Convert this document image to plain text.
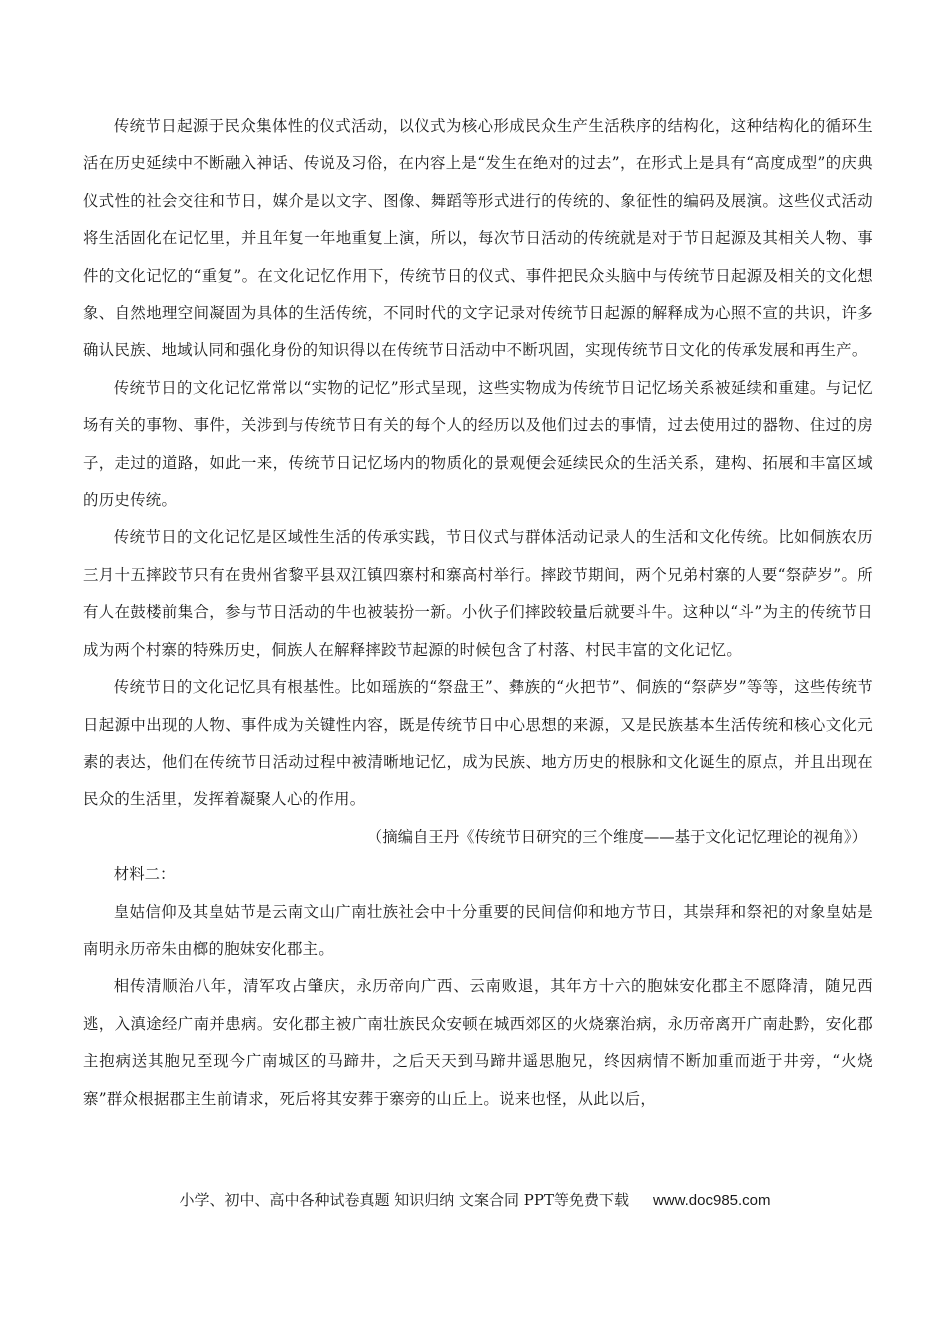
传统节日起源于民众集体性的仪式活动，以仪式为核心形成民众生产生活秩序的结构化，这种结构化的循环生活在历史延续中不断融入神话、传说及习俗，在内容上是“发生在绝对的过去”，在形式上是具有“高度成型”的庆典仪式性的社会交往和节日，媒介是以文字、图像、舞蹈等形式进行的传统的、象征性的编码及展演。这些仪式活动将生活固化在记忆里，并且年复一年地重复上演，所以，每次节日活动的传统就是对于节日起源及其相关人物、事件的文化记忆的“重复”。在文化记忆作用下，传统节日的仪式、事件把民众头脑中与传统节日起源及相关的文化想象、自然地理空间凝固为具体的生活传统，不同时代的文字记录对传统节日起源的解释成为心照不宣的共识，许多确认民族、地域认同和强化身份的知识得以在传统节日活动中不断巩固，实现传统节日文化的传承发展和再生产。

传统节日的文化记忆常常以“实物的记忆”形式呈现，这些实物成为传统节日记忆场关系被延续和重建。与记忆场有关的事物、事件，关涉到与传统节日有关的每个人的经历以及他们过去的事情，过去使用过的器物、住过的房子，走过的道路，如此一来，传统节日记忆场内的物质化的景观便会延续民众的生活关系，建构、拓展和丰富区域的历史传统。

传统节日的文化记忆是区域性生活的传承实践，节日仪式与群体活动记录人的生活和文化传统。比如侗族农历三月十五摔跤节只有在贵州省黎平县双江镇四寨村和寨高村举行。摔跤节期间，两个兄弟村寨的人要“祭萨岁”。所有人在鼓楼前集合，参与节日活动的牛也被装扮一新。小伙子们摔跤较量后就要斗牛。这种以“斗”为主的传统节日成为两个村寨的特殊历史，侗族人在解释摔跤节起源的时候包含了村落、村民丰富的文化记忆。

传统节日的文化记忆具有根基性。比如瑶族的“祭盘王”、彝族的“火把节”、侗族的“祭萨岁”等等，这些传统节日起源中出现的人物、事件成为关键性内容，既是传统节日中心思想的来源，又是民族基本生活传统和核心文化元素的表达，他们在传统节日活动过程中被清晰地记忆，成为民族、地方历史的根脉和文化诞生的原点，并且出现在民众的生活里，发挥着凝聚人心的作用。

（摘编自王丹《传统节日研究的三个维度——基于文化记忆理论的视角》）

材料二：

皇姑信仰及其皇姑节是云南文山广南壮族社会中十分重要的民间信仰和地方节日，其崇拜和祭祀的对象皇姑是南明永历帝朱由榔的胞妹安化郡主。

相传清顺治八年，清军攻占肇庆，永历帝向广西、云南败退，其年方十六的胞妹安化郡主不愿降清，随兄西逃，入滇途经广南并患病。安化郡主被广南壮族民众安顿在城西郊区的火烧寨治病，永历帝离开广南赴黔，安化郡主抱病送其胞兄至现今广南城区的马蹄井，之后天天到马蹄井遥思胞兄，终因病情不断加重而逝于井旁，“火烧寨”群众根据郡主生前请求，死后将其安葬于寨旁的山丘上。说来也怪，从此以后，

小学、初中、高中各种试卷真题 知识归纳 文案合同 PPT等免费下载 www.doc985.com
